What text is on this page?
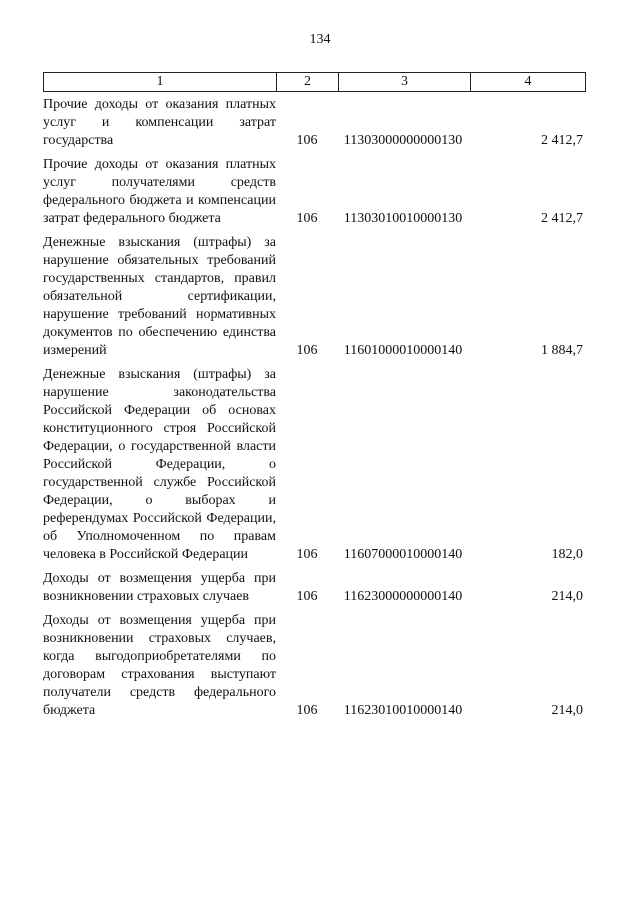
134
1	2	3	4
Прочие доходы от оказания платных услуг и компенсации затрат государства	106	11303000000000130	2 412,7
Прочие доходы от оказания платных услуг получателями средств федерального бюджета и компенсации затрат федерального бюджета	106	11303010010000130	2 412,7
Денежные взыскания (штрафы) за нарушение обязательных требований государственных стандартов, правил обязательной сертификации, нарушение требований нормативных документов по обеспечению единства измерений	106	11601000010000140	1 884,7
Денежные взыскания (штрафы) за нарушение законодательства Российской Федерации об основах конституционного строя Российской Федерации, о государственной власти Российской Федерации, о государственной службе Российской Федерации, о выборах и референдумах Российской Федерации, об Уполномоченном по правам человека в Российской Федерации	106	11607000010000140	182,0
Доходы от возмещения ущерба при возникновении страховых случаев	106	11623000000000140	214,0
Доходы от возмещения ущерба при возникновении страховых случаев, когда выгодоприобретателями по договорам страхования выступают получатели средств федерального бюджета	106	11623010010000140	214,0
